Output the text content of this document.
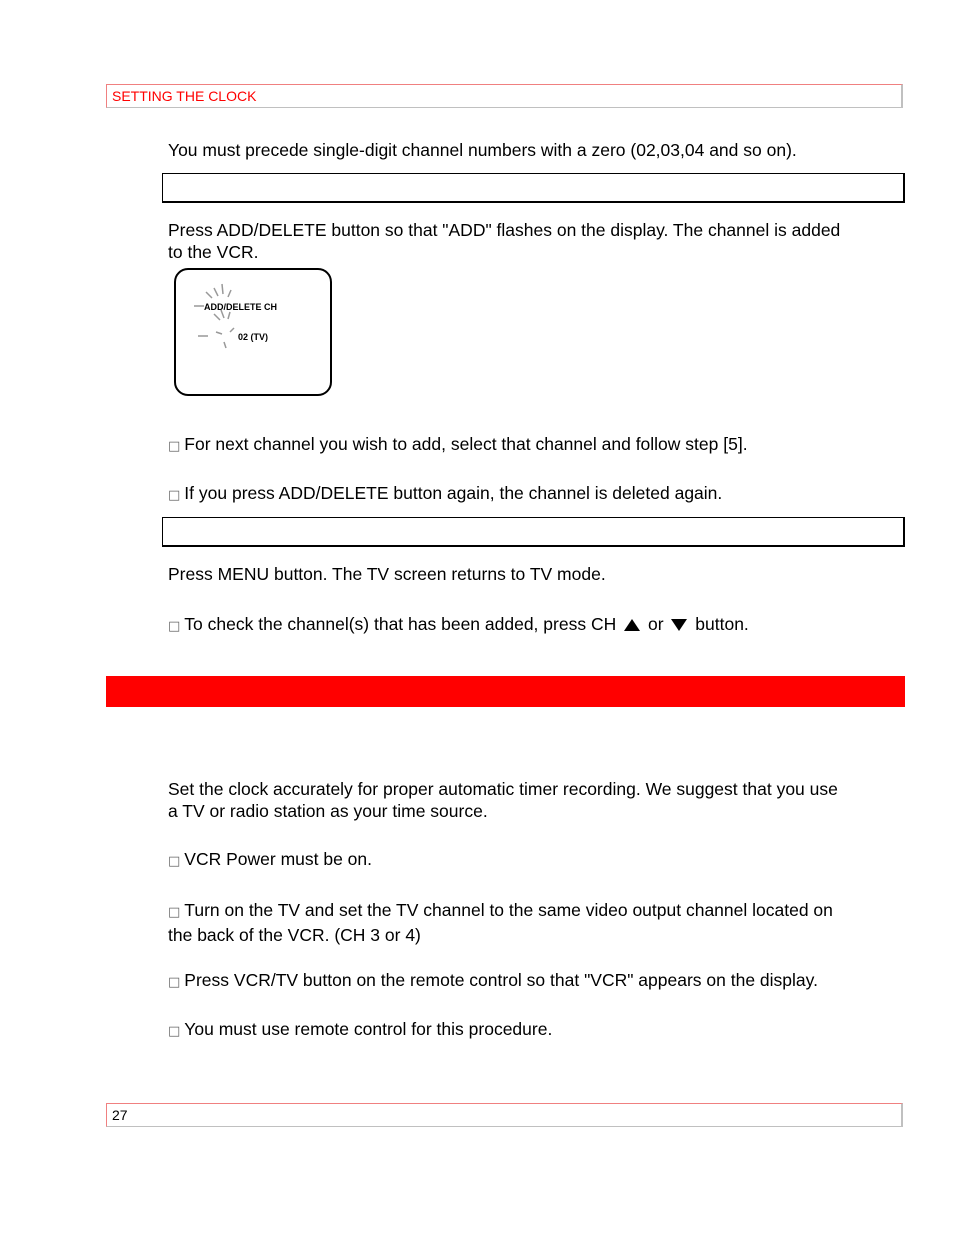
SETTING THE CLOCK
You must precede single-digit channel numbers with a zero (02,03,04 and so on).
Press ADD/DELETE button so that "ADD" flashes on the display. The channel is added
to the VCR.

ADD/DELETE CH
02 (TV)
□ For next channel you wish to add, select that channel and follow step [5].
□ If you press ADD/DELETE button again, the channel is deleted again.
Press MENU button. The TV screen returns to TV mode.
□ To check the channel(s) that has been added, press CH or button.
Set the clock accurately for proper automatic timer recording. We suggest that you use
a TV or radio station as your time source.
□ VCR Power must be on.
□ Turn on the TV and set the TV channel to the same video output channel located on
the back of the VCR. (CH 3 or 4)
□ Press VCR/TV button on the remote control so that "VCR" appears on the display.
□ You must use remote control for this procedure.
27
